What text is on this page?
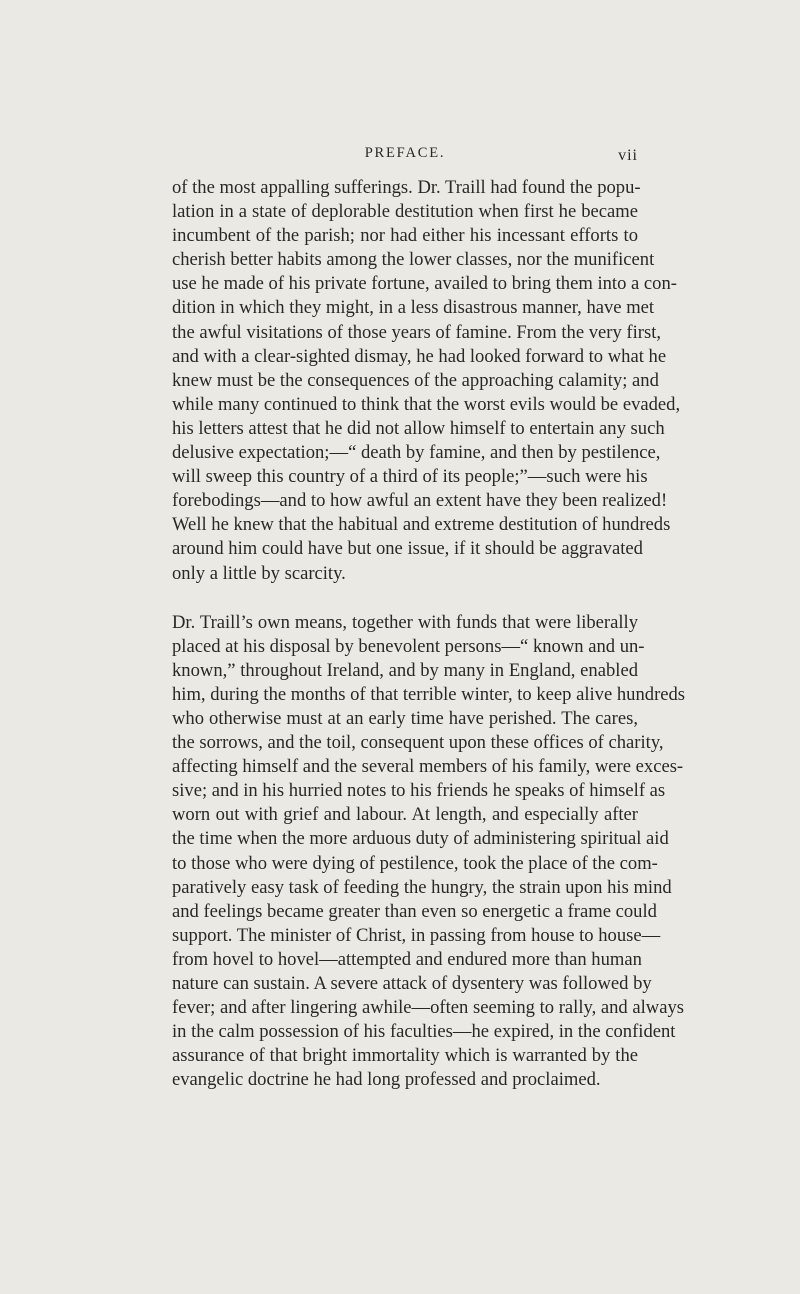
PREFACE.	vii
of the most appalling sufferings. Dr. Traill had found the popu-
lation in a state of deplorable destitution when first he became
incumbent of the parish; nor had either his incessant efforts to
cherish better habits among the lower classes, nor the munificent
use he made of his private fortune, availed to bring them into a con-
dition in which they might, in a less disastrous manner, have met
the awful visitations of those years of famine. From the very first,
and with a clear-sighted dismay, he had looked forward to what he
knew must be the consequences of the approaching calamity; and
while many continued to think that the worst evils would be evaded,
his letters attest that he did not allow himself to entertain any such
delusive expectation;—“ death by famine, and then by pestilence,
will sweep this country of a third of its people;”—such were his
forebodings—and to how awful an extent have they been realized!
Well he knew that the habitual and extreme destitution of hundreds
around him could have but one issue, if it should be aggravated
only a little by scarcity.
Dr. Traill’s own means, together with funds that were liberally
placed at his disposal by benevolent persons—“ known and un-
known,” throughout Ireland, and by many in England, enabled
him, during the months of that terrible winter, to keep alive hundreds
who otherwise must at an early time have perished. The cares,
the sorrows, and the toil, consequent upon these offices of charity,
affecting himself and the several members of his family, were exces-
sive; and in his hurried notes to his friends he speaks of himself as
worn out with grief and labour. At length, and especially after
the time when the more arduous duty of administering spiritual aid
to those who were dying of pestilence, took the place of the com-
paratively easy task of feeding the hungry, the strain upon his mind
and feelings became greater than even so energetic a frame could
support. The minister of Christ, in passing from house to house—
from hovel to hovel—attempted and endured more than human
nature can sustain. A severe attack of dysentery was followed by
fever; and after lingering awhile—often seeming to rally, and always
in the calm possession of his faculties—he expired, in the confident
assurance of that bright immortality which is warranted by the
evangelic doctrine he had long professed and proclaimed.
